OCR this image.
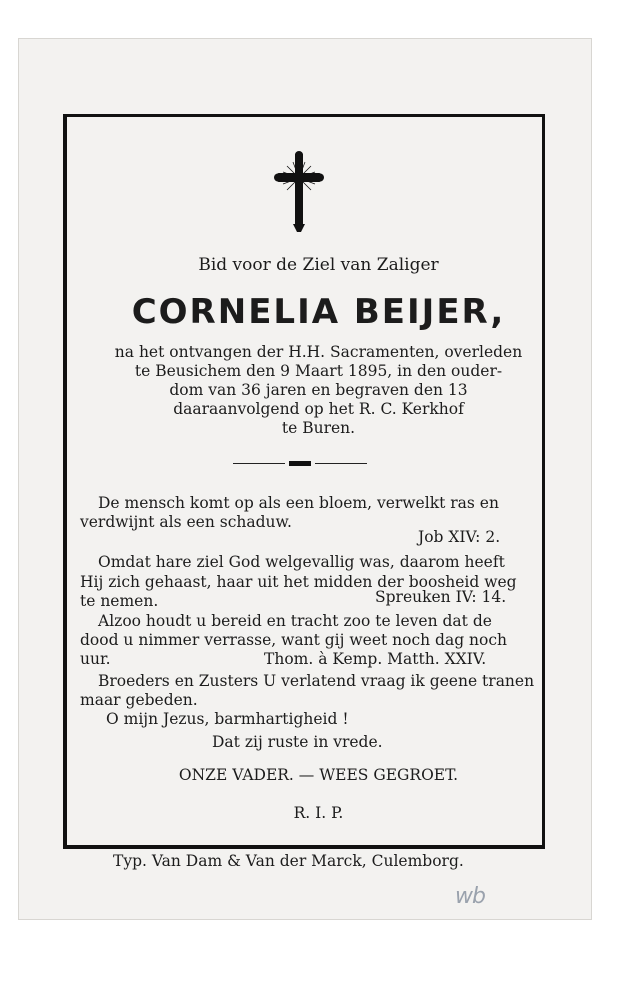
Bid voor de Ziel van Zaliger
CORNELIA BEIJER,
na het ontvangen der H.H. Sacramenten, overleden
te Beusichem den 9 Maart 1895, in den ouder-
dom van 36 jaren en begraven den 13
daaraanvolgend op het R. C. Kerkhof
te Buren.
De mensch komt op als een bloem, verwelkt ras en
verdwijnt als een schaduw.
Job XIV: 2.
Omdat hare ziel God welgevallig was, daarom heeft
Hij zich gehaast, haar uit het midden der boosheid weg
te nemen.	Spreuken IV: 14.
Alzoo houdt u bereid en tracht zoo te leven dat de
dood u nimmer verrasse, want gij weet noch dag noch
uur.	Thom. à Kemp. Matth. XXIV.
Broeders en Zusters U verlatend vraag ik geene tranen
maar gebeden.
O mijn Jezus, barmhartigheid !
Dat zij ruste in vrede.
ONZE VADER. — WEES GEGROET.
R. I. P.
Typ. Van Dam & Van der Marck, Culemborg.
wb
